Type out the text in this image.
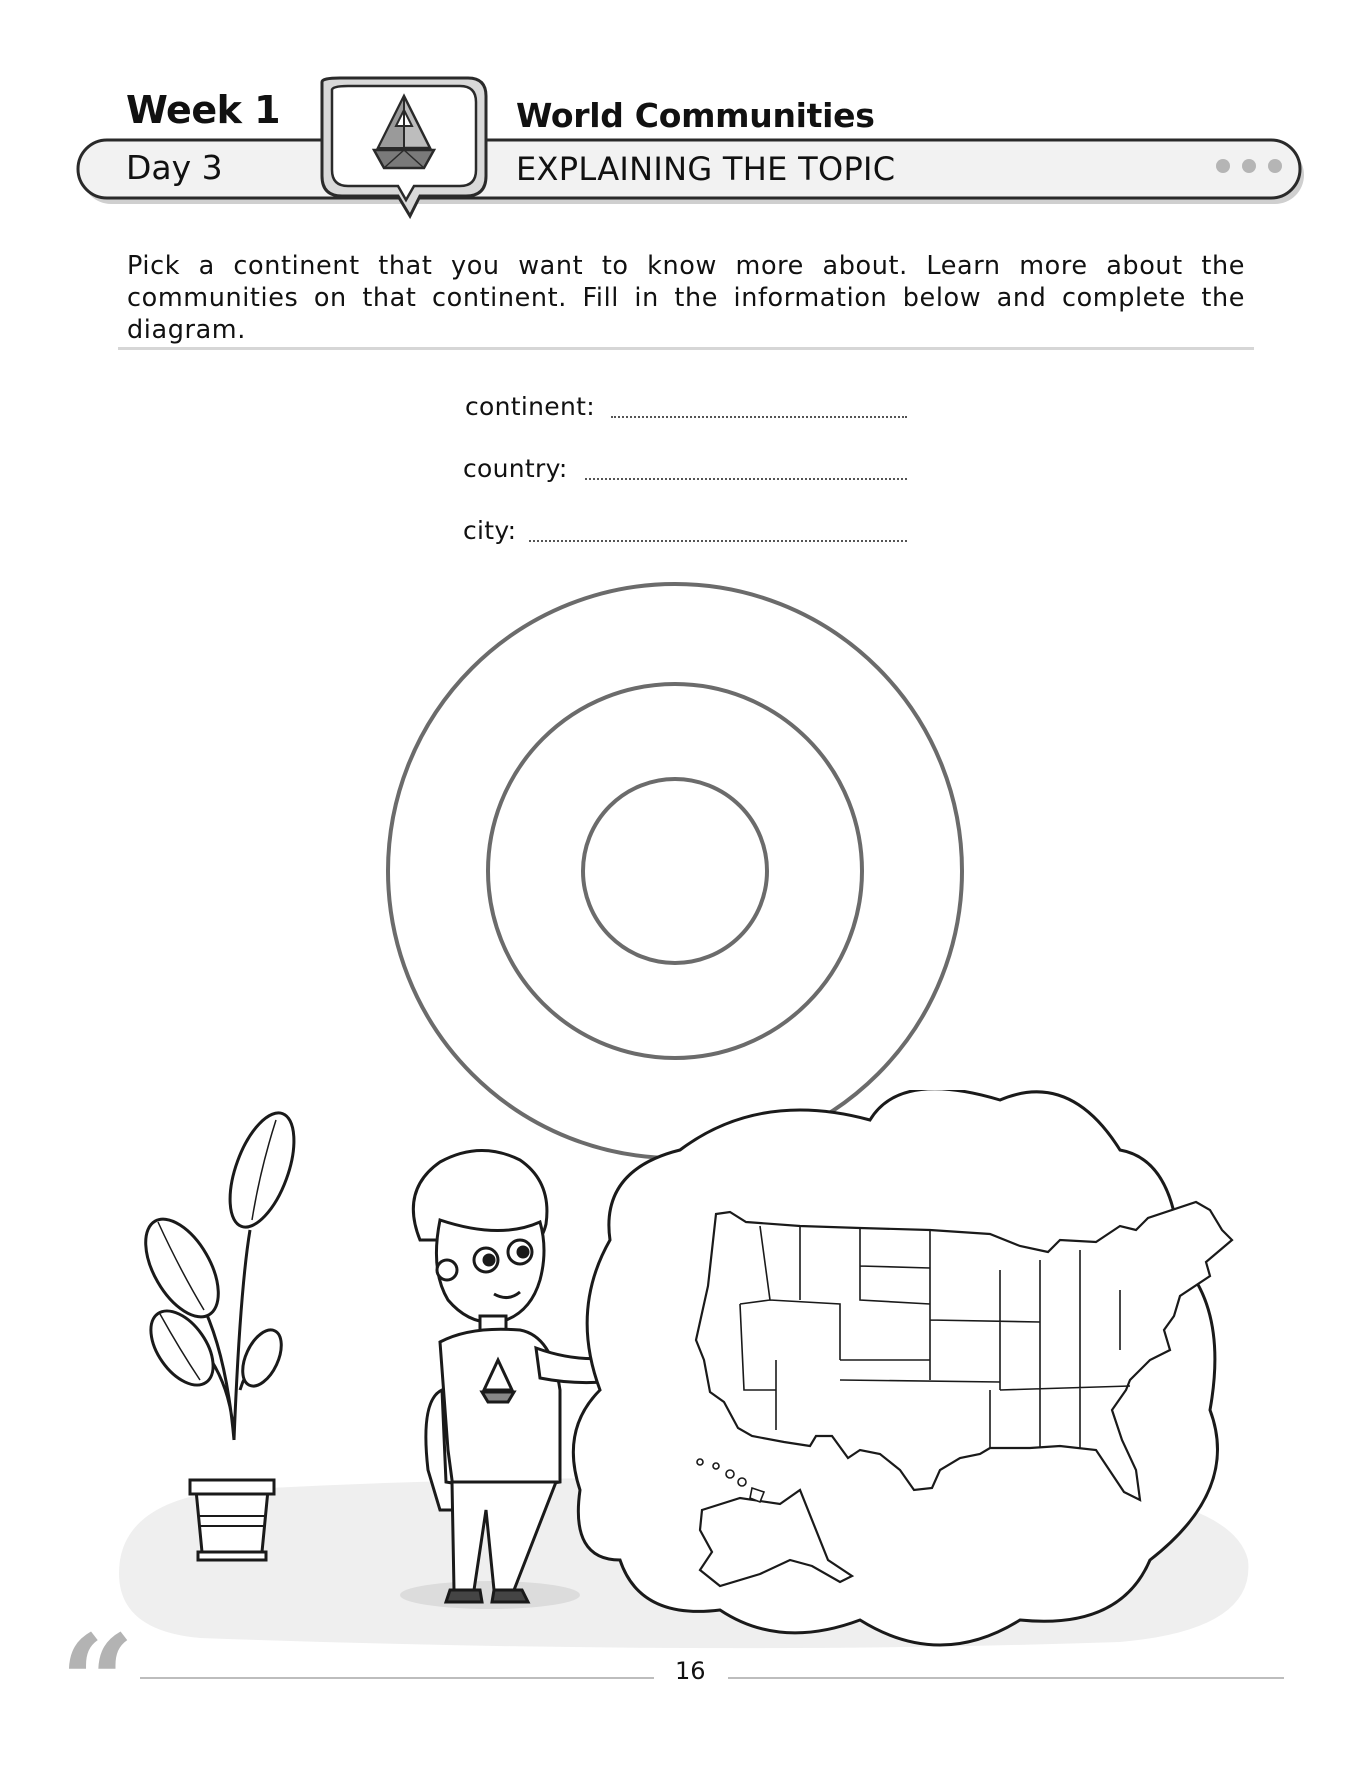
Week 1	World Communities
Day 3	EXPLAINING THE TOPIC
Pick a continent that you want to know more about. Learn more about the communities on that continent. Fill in the information below and complete the diagram.
continent:
country:
city:
“	16
